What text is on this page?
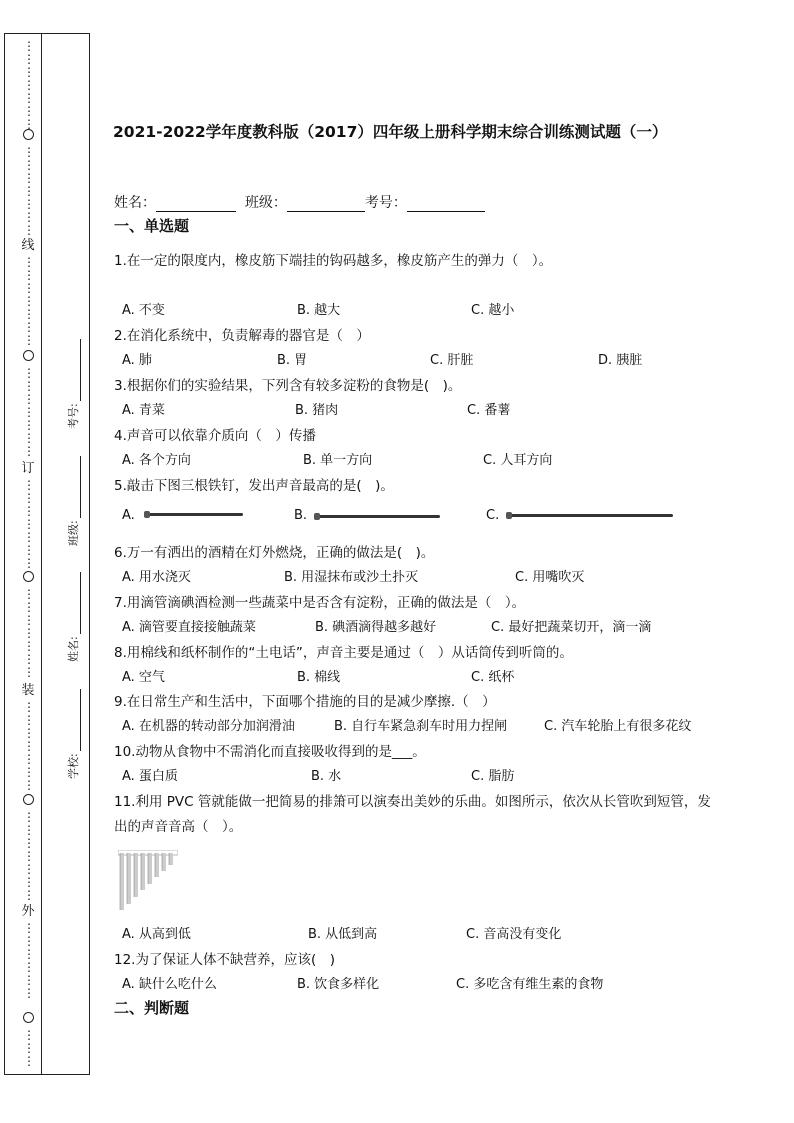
⋮
⋮
⋮
⋮
⋮
⋮
⋮
⋮
⋮
⋮
⋮
⋮
⋮
⋮
线
⋮
⋮
⋮
⋮
⋮
⋮
⋮
⋮
⋮
⋮
⋮
⋮
⋮
⋮
订
⋮
⋮
⋮
⋮
⋮
⋮
⋮
⋮
⋮
⋮
⋮
⋮
⋮
⋮
装
⋮
⋮
⋮
⋮
⋮
⋮
⋮
⋮
⋮
⋮
⋮
⋮
⋮
⋮
外
⋮
⋮
⋮
⋮
⋮
⋮
⋮
⋮
⋮
学校:
姓名:
班级:
考号:
2021-2022学年度教科版（2017）四年级上册科学期末综合训练测试题（一）
姓名：	班级：	考号：
一、单选题
1.在一定的限度内，橡皮筋下端挂的钩码越多，橡皮筋产生的弹力（　）。
A. 不变	B. 越大	C. 越小
2.在消化系统中，负责解毒的器官是（　）
A. 肺	B. 胃	C. 肝脏	D. 胰脏
3.根据你们的实验结果，下列含有较多淀粉的食物是(　)。
A. 青菜	B. 猪肉	C. 番薯
4.声音可以依靠介质向（　）传播
A. 各个方向	B. 单一方向	C. 人耳方向
5.敲击下图三根铁钉，发出声音最高的是(　)。
A.	B.	C.
6.万一有洒出的酒精在灯外燃烧，正确的做法是(　)。
A. 用水浇灭	B. 用湿抹布或沙土扑灭	C. 用嘴吹灭
7.用滴管滴碘酒检测一些蔬菜中是否含有淀粉，正确的做法是（　）。
A. 滴管要直接接触蔬菜	B. 碘酒滴得越多越好	C. 最好把蔬菜切开，滴一滴
8.用棉线和纸杯制作的“土电话”，声音主要是通过（　）从话筒传到听筒的。
A. 空气	B. 棉线	C. 纸杯
9.在日常生产和生活中，下面哪个措施的目的是减少摩擦.（　）
A. 在机器的转动部分加润滑油	B. 自行车紧急刹车时用力捏闸	C. 汽车轮胎上有很多花纹
10.动物从食物中不需消化而直接吸收得到的是___。
A. 蛋白质	B. 水	C. 脂肪
11.利用 PVC 管就能做一把简易的排箫可以演奏出美妙的乐曲。如图所示，依次从长管吹到短管，发
出的声音音高（　）。
A. 从高到低	B. 从低到高	C. 音高没有变化
12.为了保证人体不缺营养，应该(　)
A. 缺什么吃什么	B. 饮食多样化	C. 多吃含有维生素的食物
二、判断题
